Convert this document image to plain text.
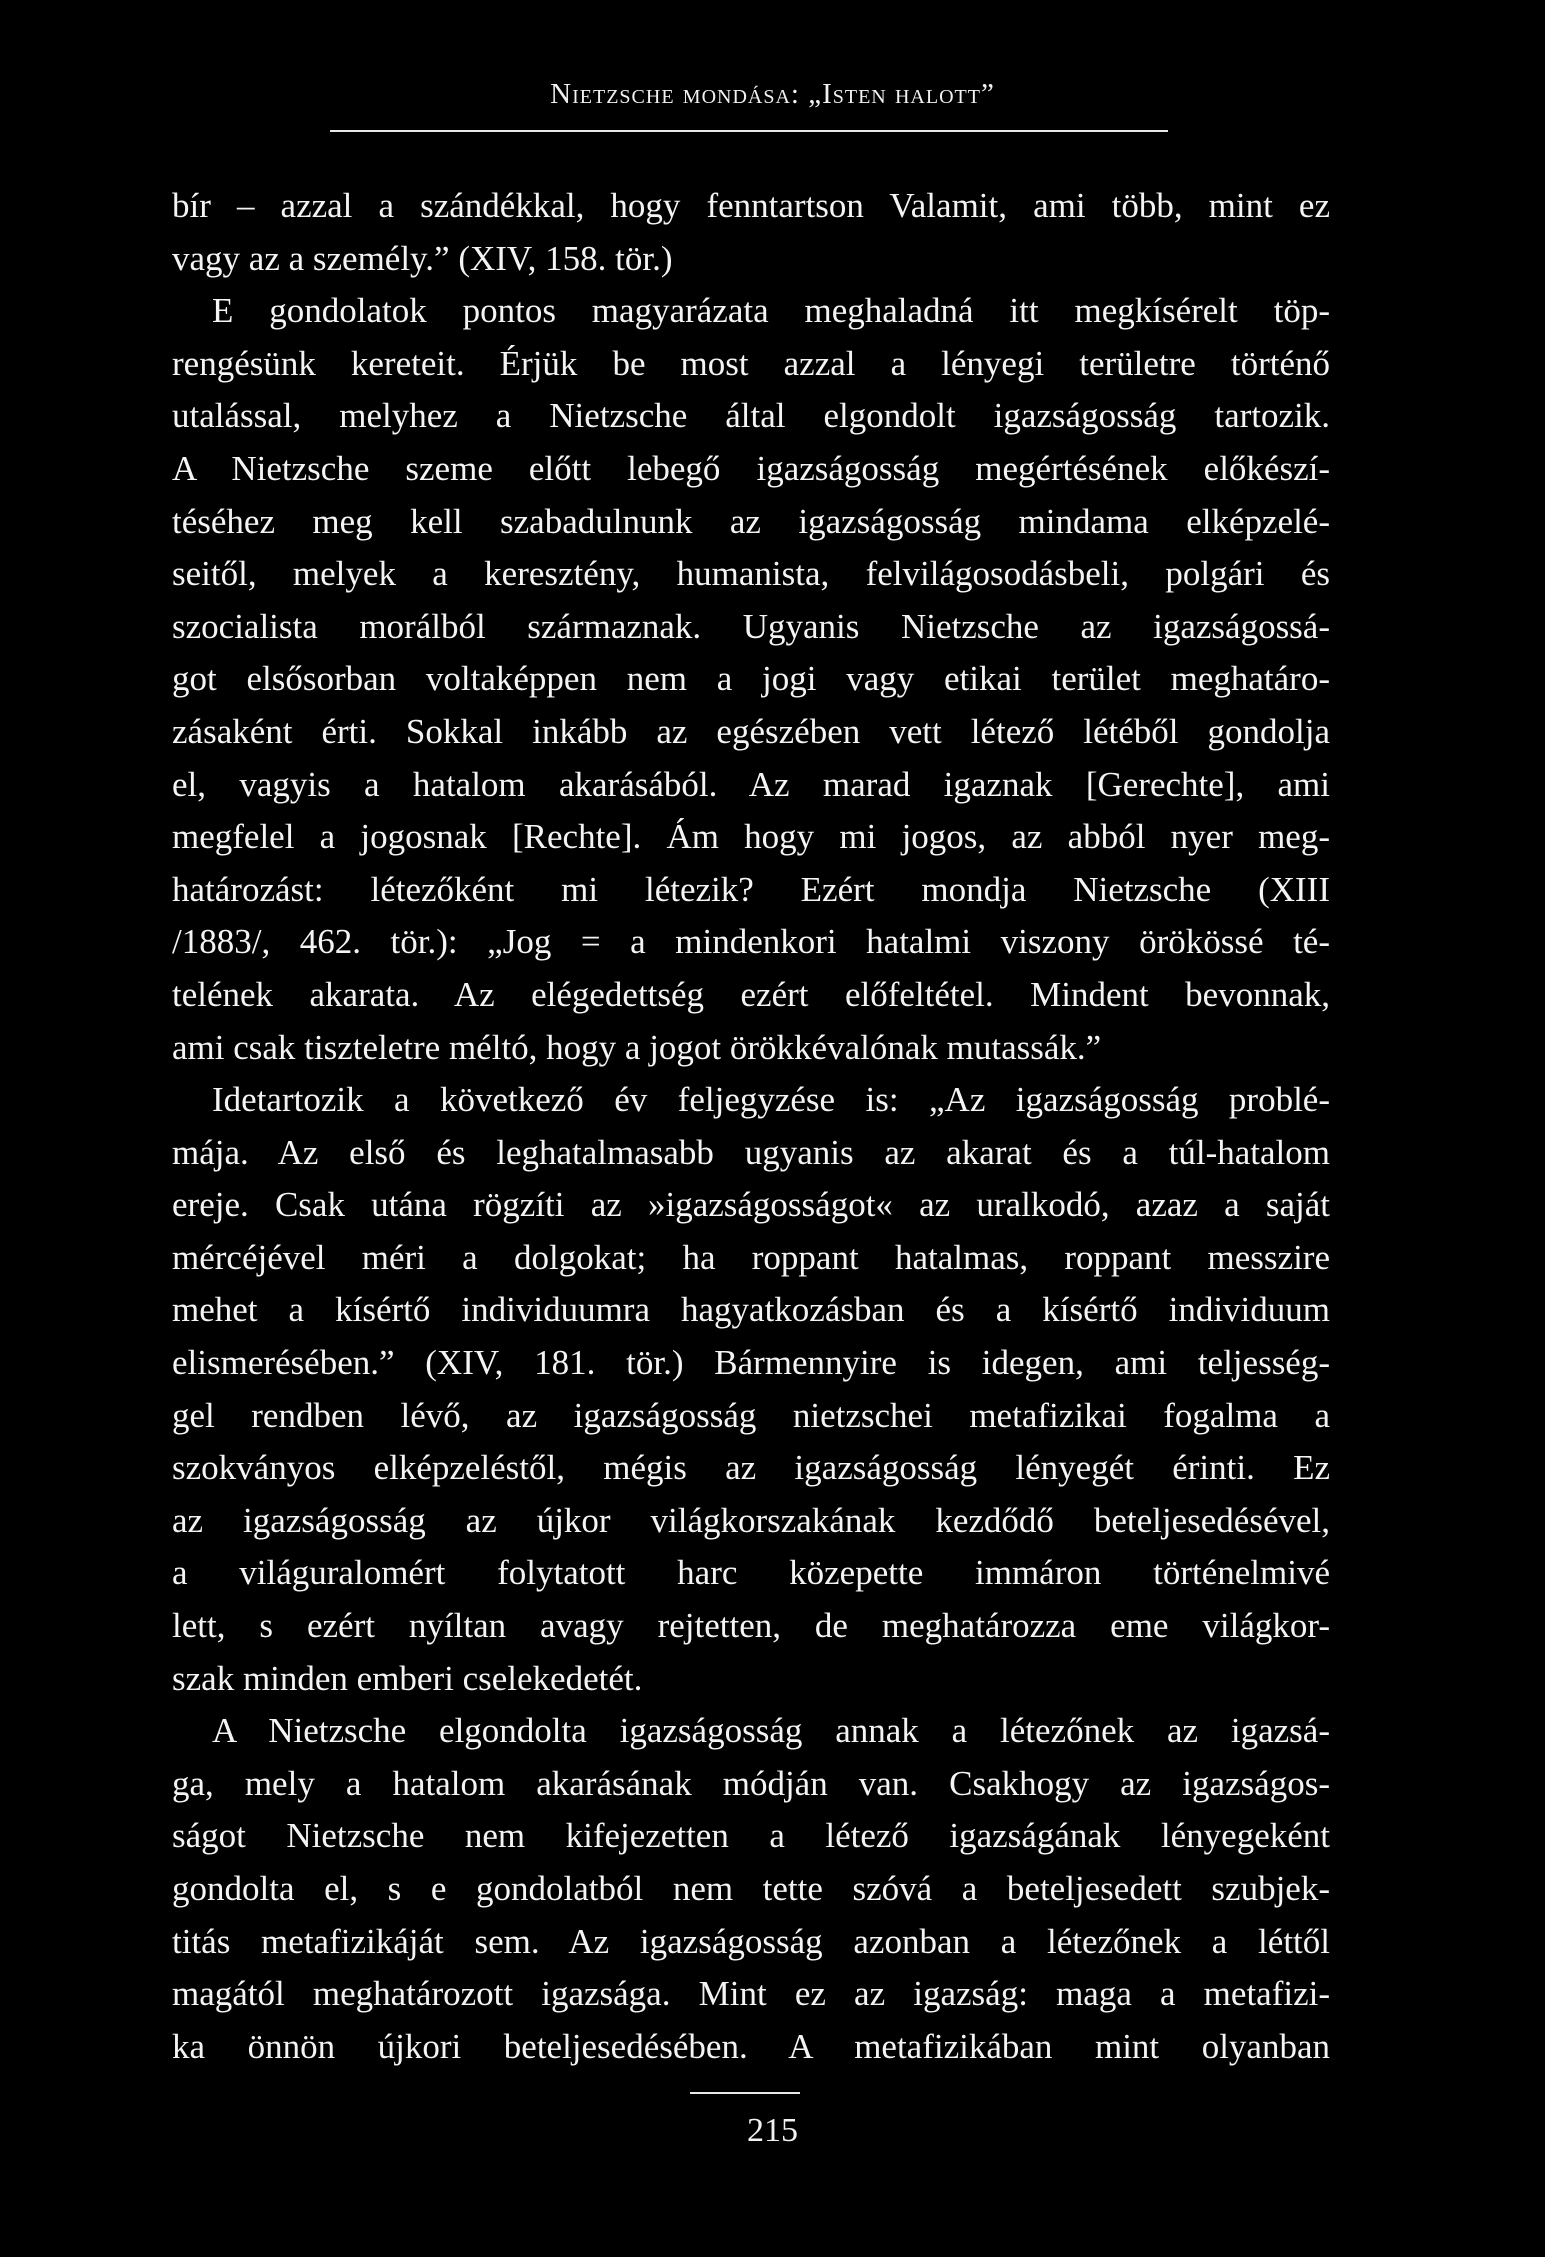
Nietzsche mondása: „Isten halott”
bír – azzal a szándékkal, hogy fenntartson Valamit, ami több, mint ez
vagy az a személy.” (XIV, 158. tör.)
E gondolatok pontos magyarázata meghaladná itt megkísérelt töp-
rengésünk kereteit. Érjük be most azzal a lényegi területre történő
utalással, melyhez a Nietzsche által elgondolt igazságosság tartozik.
A Nietzsche szeme előtt lebegő igazságosság megértésének előkészí-
téséhez meg kell szabadulnunk az igazságosság mindama elképzelé-
seitől, melyek a keresztény, humanista, felvilágosodásbeli, polgári és
szocialista morálból származnak. Ugyanis Nietzsche az igazságossá-
got elsősorban voltaképpen nem a jogi vagy etikai terület meghatáro-
zásaként érti. Sokkal inkább az egészében vett létező létéből gondolja
el, vagyis a hatalom akarásából. Az marad igaznak [Gerechte], ami
megfelel a jogosnak [Rechte]. Ám hogy mi jogos, az abból nyer meg-
határozást: létezőként mi létezik? Ezért mondja Nietzsche (XIII
/1883/, 462. tör.): „Jog = a mindenkori hatalmi viszony örökössé té-
telének akarata. Az elégedettség ezért előfeltétel. Mindent bevonnak,
ami csak tiszteletre méltó, hogy a jogot örökkévalónak mutassák.”
Idetartozik a következő év feljegyzése is: „Az igazságosság problé-
mája. Az első és leghatalmasabb ugyanis az akarat és a túl-hatalom
ereje. Csak utána rögzíti az »igazságosságot« az uralkodó, azaz a saját
mércéjével méri a dolgokat; ha roppant hatalmas, roppant messzire
mehet a kísértő individuumra hagyatkozásban és a kísértő individuum
elismerésében.” (XIV, 181. tör.) Bármennyire is idegen, ami teljesség-
gel rendben lévő, az igazságosság nietzschei metafizikai fogalma a
szokványos elképzeléstől, mégis az igazságosság lényegét érinti. Ez
az igazságosság az újkor világkorszakának kezdődő beteljesedésével,
a világuralomért folytatott harc közepette immáron történelmivé
lett, s ezért nyíltan avagy rejtetten, de meghatározza eme világkor-
szak minden emberi cselekedetét.
A Nietzsche elgondolta igazságosság annak a létezőnek az igazsá-
ga, mely a hatalom akarásának módján van. Csakhogy az igazságos-
ságot Nietzsche nem kifejezetten a létező igazságának lényegeként
gondolta el, s e gondolatból nem tette szóvá a beteljesedett szubjek-
titás metafizikáját sem. Az igazságosság azonban a létezőnek a léttől
magától meghatározott igazsága. Mint ez az igazság: maga a metafizi-
ka önnön újkori beteljesedésében. A metafizikában mint olyanban
215
